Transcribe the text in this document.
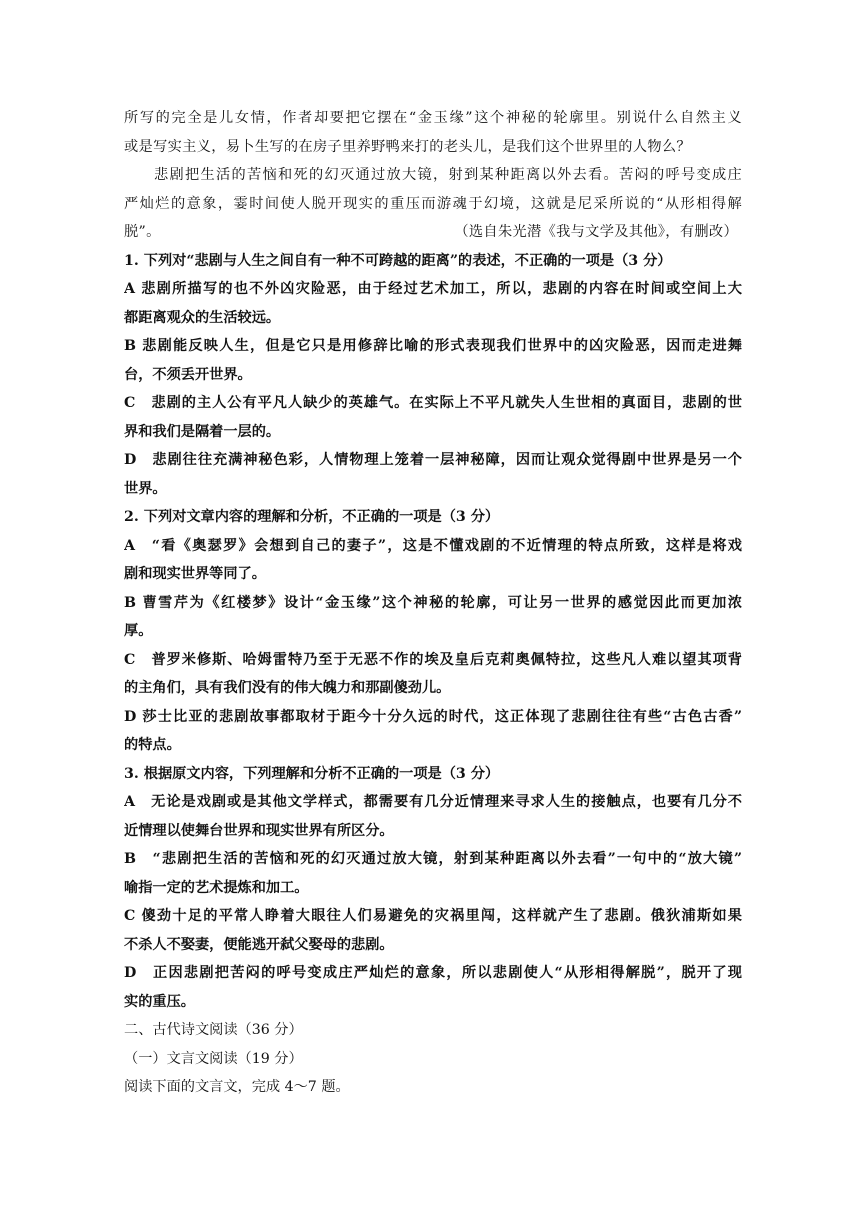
所写的完全是儿女情，作者却要把它摆在“金玉缘”这个神秘的轮廓里。别说什么自然主义
或是写实主义，易卜生写的在房子里养野鸭来打的老头儿，是我们这个世界里的人物么？
悲剧把生活的苦恼和死的幻灭通过放大镜，射到某种距离以外去看。苦闷的呼号变成庄
严灿烂的意象，霎时间使人脱开现实的重压而游魂于幻境，这就是尼采所说的“从形相得解
脱”。	（选自朱光潜《我与文学及其他》，有删改）
1. 下列对“悲剧与人生之间自有一种不可跨越的距离”的表述，不正确的一项是（3 分）
A 悲剧所描写的也不外凶灾险恶，由于经过艺术加工，所以，悲剧的内容在时间或空间上大
都距离观众的生活较远。
B 悲剧能反映人生，但是它只是用修辞比喻的形式表现我们世界中的凶灾险恶，因而走进舞
台，不须丢开世界。
C　悲剧的主人公有平凡人缺少的英雄气。在实际上不平凡就失人生世相的真面目，悲剧的世
界和我们是隔着一层的。
D　悲剧往往充满神秘色彩，人情物理上笼着一层神秘障，因而让观众觉得剧中世界是另一个
世界。
2. 下列对文章内容的理解和分析，不正确的一项是（3 分）
A　“看《奥瑟罗》会想到自己的妻子”，这是不懂戏剧的不近情理的特点所致，这样是将戏
剧和现实世界等同了。
B 曹雪芹为《红楼梦》设计“金玉缘”这个神秘的轮廓，可让另一世界的感觉因此而更加浓
厚。
C　普罗米修斯、哈姆雷特乃至于无恶不作的埃及皇后克莉奥佩特拉，这些凡人难以望其项背
的主角们，具有我们没有的伟大魄力和那副傻劲儿。
D 莎士比亚的悲剧故事都取材于距今十分久远的时代，这正体现了悲剧往往有些“古色古香”
的特点。
3. 根据原文内容，下列理解和分析不正确的一项是（3 分）
A　无论是戏剧或是其他文学样式，都需要有几分近情理来寻求人生的接触点，也要有几分不
近情理以使舞台世界和现实世界有所区分。
B　“悲剧把生活的苦恼和死的幻灭通过放大镜，射到某种距离以外去看”一句中的“放大镜”
喻指一定的艺术提炼和加工。
C 傻劲十足的平常人睁着大眼往人们易避免的灾祸里闯，这样就产生了悲剧。俄狄浦斯如果
不杀人不娶妻，便能逃开弑父娶母的悲剧。
D　正因悲剧把苦闷的呼号变成庄严灿烂的意象，所以悲剧使人“从形相得解脱”，脱开了现
实的重压。
二、古代诗文阅读（36 分）
（一）文言文阅读（19 分）
阅读下面的文言文，完成 4～7 题。
